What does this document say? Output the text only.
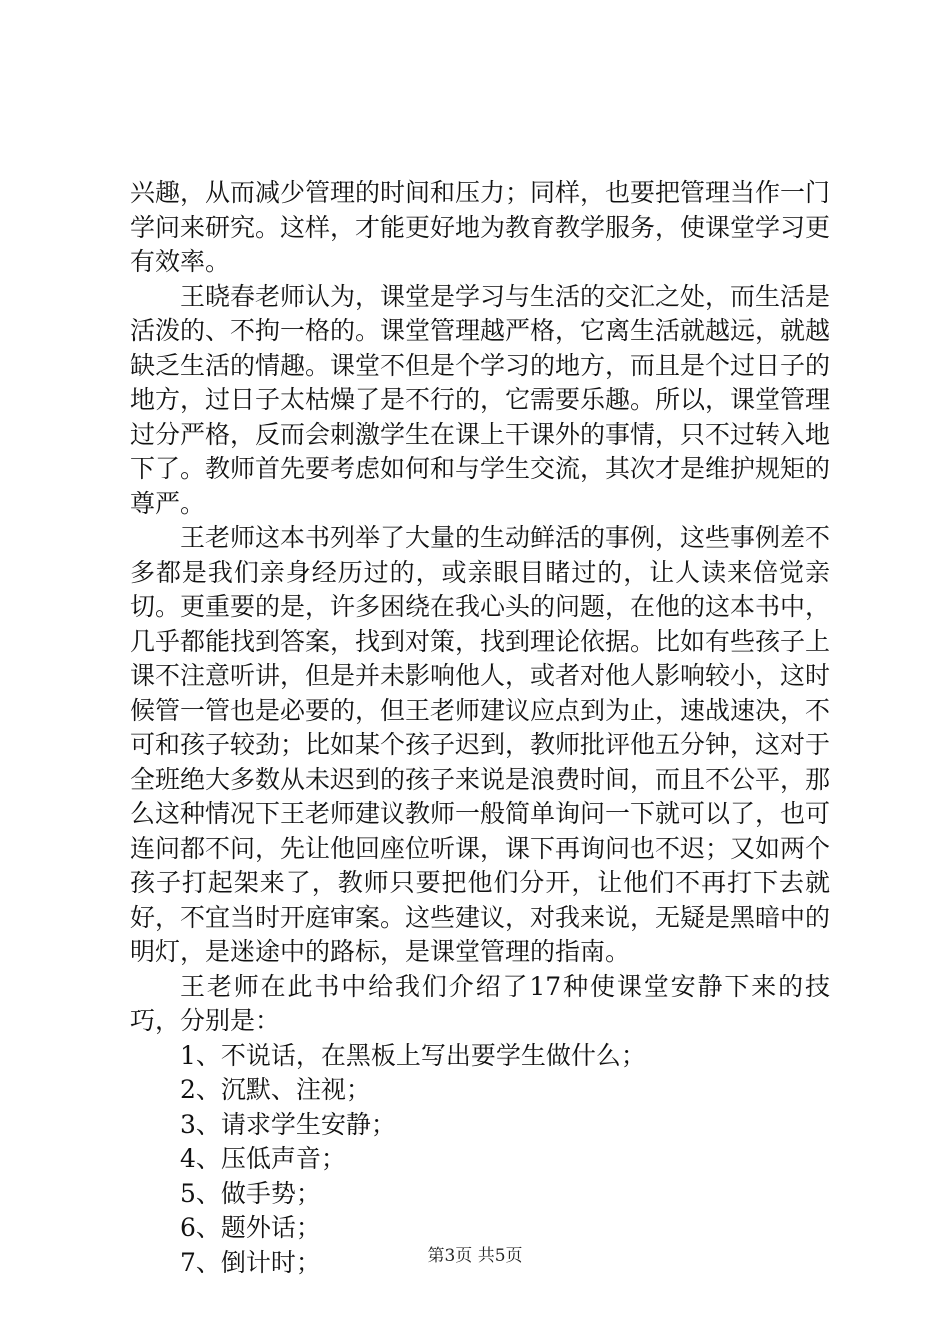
兴趣，从而减少管理的时间和压力；同样，也要把管理当作一门学问来研究。这样，才能更好地为教育教学服务，使课堂学习更有效率。

王晓春老师认为，课堂是学习与生活的交汇之处，而生活是活泼的、不拘一格的。课堂管理越严格，它离生活就越远，就越缺乏生活的情趣。课堂不但是个学习的地方，而且是个过日子的地方，过日子太枯燥了是不行的，它需要乐趣。所以，课堂管理过分严格，反而会刺激学生在课上干课外的事情，只不过转入地下了。教师首先要考虑如何和与学生交流，其次才是维护规矩的尊严。

王老师这本书列举了大量的生动鲜活的事例，这些事例差不多都是我们亲身经历过的，或亲眼目睹过的，让人读来倍觉亲切。更重要的是，许多困绕在我心头的问题，在他的这本书中，几乎都能找到答案，找到对策，找到理论依据。比如有些孩子上课不注意听讲，但是并未影响他人，或者对他人影响较小，这时候管一管也是必要的，但王老师建议应点到为止，速战速决，不可和孩子较劲；比如某个孩子迟到，教师批评他五分钟，这对于全班绝大多数从未迟到的孩子来说是浪费时间，而且不公平，那么这种情况下王老师建议教师一般简单询问一下就可以了，也可连问都不问，先让他回座位听课，课下再询问也不迟；又如两个孩子打起架来了，教师只要把他们分开，让他们不再打下去就好，不宜当时开庭审案。这些建议，对我来说，无疑是黑暗中的明灯，是迷途中的路标，是课堂管理的指南。

王老师在此书中给我们介绍了17种使课堂安静下来的技巧，分别是：

1、不说话，在黑板上写出要学生做什么；
2、沉默、注视；
3、请求学生安静；
4、压低声音；
5、做手势；
6、题外话；
7、倒计时；	第3页 共5页
